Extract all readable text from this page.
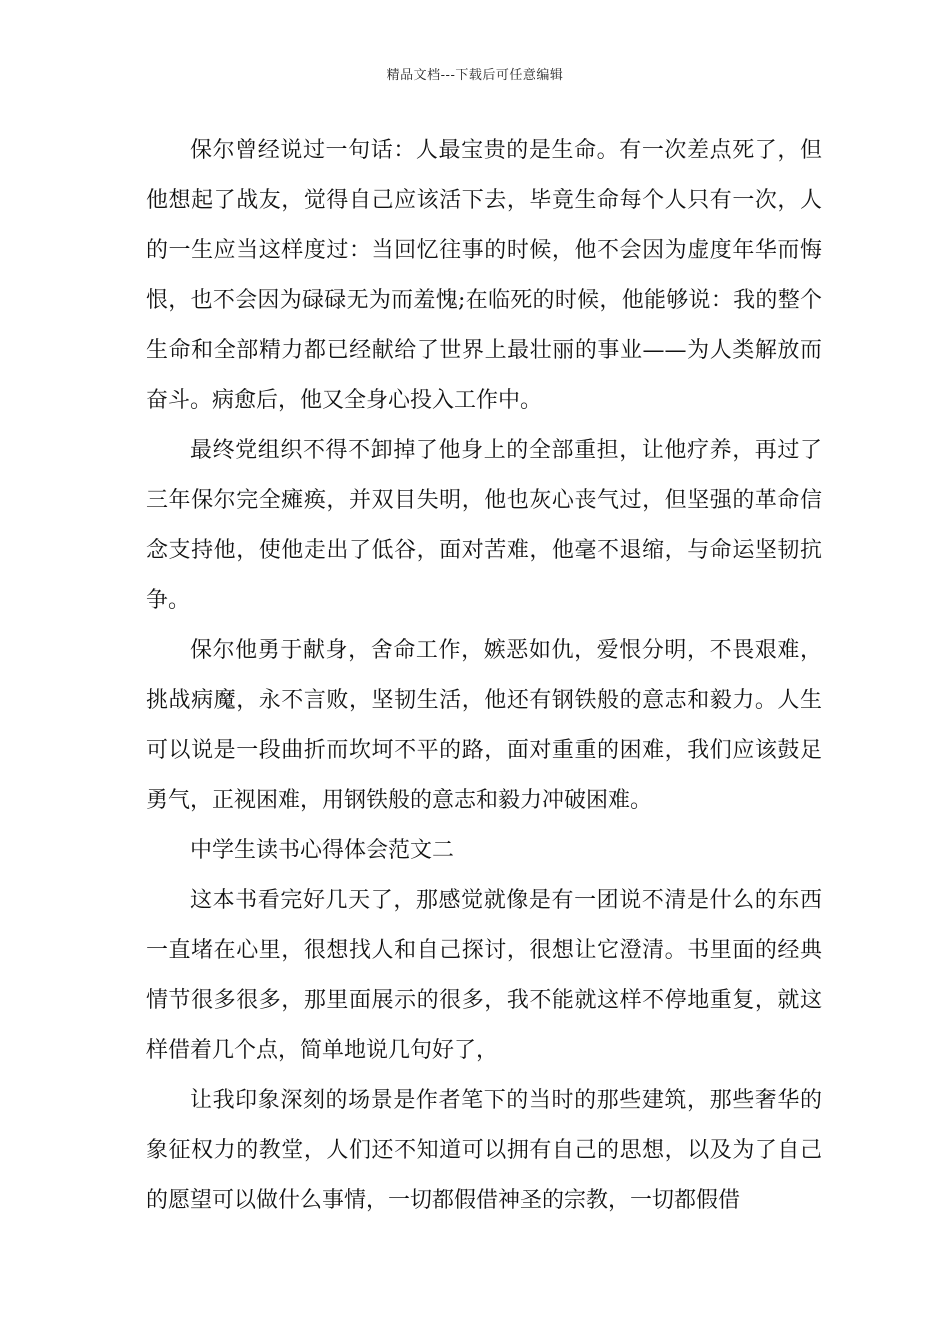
精品文档---下载后可任意编辑

保尔曾经说过一句话：人最宝贵的是生命。有一次差点死了，但他想起了战友，觉得自己应该活下去，毕竟生命每个人只有一次，人的一生应当这样度过：当回忆往事的时候，他不会因为虚度年华而悔恨，也不会因为碌碌无为而羞愧;在临死的时候，他能够说：我的整个生命和全部精力都已经献给了世界上最壮丽的事业——为人类解放而奋斗。病愈后，他又全身心投入工作中。

最终党组织不得不卸掉了他身上的全部重担，让他疗养，再过了三年保尔完全瘫痪，并双目失明，他也灰心丧气过，但坚强的革命信念支持他，使他走出了低谷，面对苦难，他毫不退缩，与命运坚韧抗争。

保尔他勇于献身，舍命工作，嫉恶如仇，爱恨分明，不畏艰难，挑战病魔，永不言败，坚韧生活，他还有钢铁般的意志和毅力。人生可以说是一段曲折而坎坷不平的路，面对重重的困难，我们应该鼓足勇气，正视困难，用钢铁般的意志和毅力冲破困难。

中学生读书心得体会范文二

这本书看完好几天了，那感觉就像是有一团说不清是什么的东西一直堵在心里，很想找人和自己探讨，很想让它澄清。书里面的经典情节很多很多，那里面展示的很多，我不能就这样不停地重复，就这样借着几个点，简单地说几句好了，

让我印象深刻的场景是作者笔下的当时的那些建筑，那些奢华的象征权力的教堂，人们还不知道可以拥有自己的思想，以及为了自己的愿望可以做什么事情，一切都假借神圣的宗教，一切都假借
